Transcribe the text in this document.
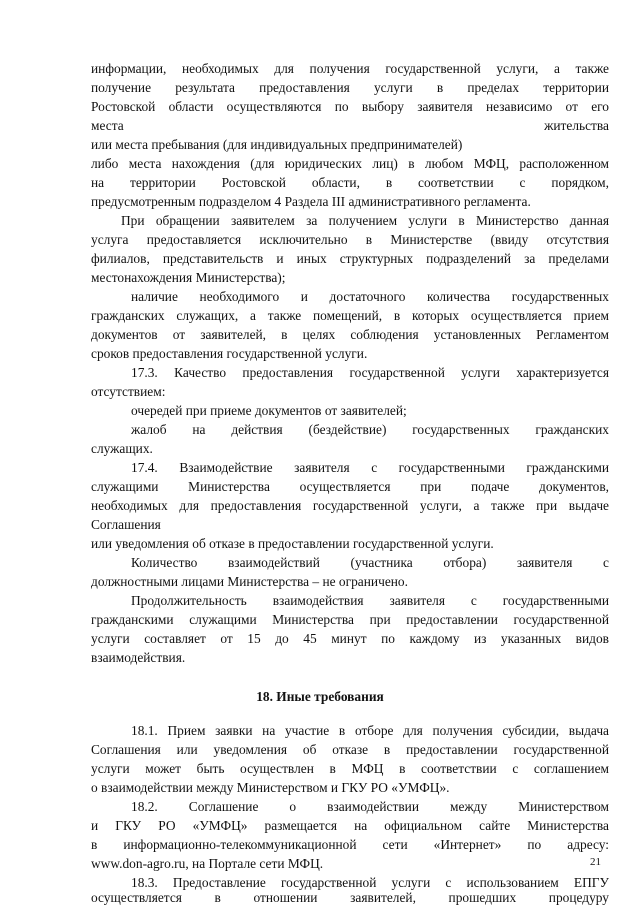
информации, необходимых для получения государственной услуги, а также
получение результата предоставления услуги в пределах территории
Ростовской области осуществляются по выбору заявителя независимо от его
места жительства
или места пребывания (для индивидуальных предпринимателей)
либо места нахождения (для юридических лиц) в любом МФЦ, расположенном
на территории Ростовской области, в соответствии с порядком,
предусмотренным подразделом 4 Раздела III административного регламента.
При обращении заявителем за получением услуги в Министерство данная
услуга предоставляется исключительно в Министерстве (ввиду отсутствия
филиалов, представительств и иных структурных подразделений за пределами
местонахождения Министерства);
наличие необходимого и достаточного количества государственных
гражданских служащих, а также помещений, в которых осуществляется прием
документов от заявителей, в целях соблюдения установленных Регламентом
сроков предоставления государственной услуги.
17.3. Качество предоставления государственной услуги характеризуется
отсутствием:
очередей при приеме документов от заявителей;
жалоб на действия (бездействие) государственных гражданских
служащих.
17.4. Взаимодействие заявителя с государственными гражданскими
служащими Министерства осуществляется при подаче документов,
необходимых для предоставления государственной услуги, а также при выдаче
Соглашения
или уведомления об отказе в предоставлении государственной услуги.
Количество взаимодействий (участника отбора) заявителя с
должностными лицами Министерства – не ограничено.
Продолжительность взаимодействия заявителя с государственными
гражданскими служащими Министерства при предоставлении государственной
услуги составляет от 15 до 45 минут по каждому из указанных видов
взаимодействия.
18. Иные требования
18.1. Прием заявки на участие в отборе для получения субсидии, выдача
Соглашения или уведомления об отказе в предоставлении государственной
услуги может быть осуществлен в МФЦ в соответствии с соглашением
о взаимодействии между Министерством и ГКУ РО «УМФЦ».
18.2. Соглашение о взаимодействии между Министерством
и ГКУ РО «УМФЦ» размещается на официальном сайте Министерства
в информационно-телекоммуникационной сети «Интернет» по адресу:
www.don-agro.ru, на Портале сети МФЦ.
18.3. Предоставление государственной услуги с использованием ЕПГУ
осуществляется в отношении заявителей, прошедших процедуру
21
